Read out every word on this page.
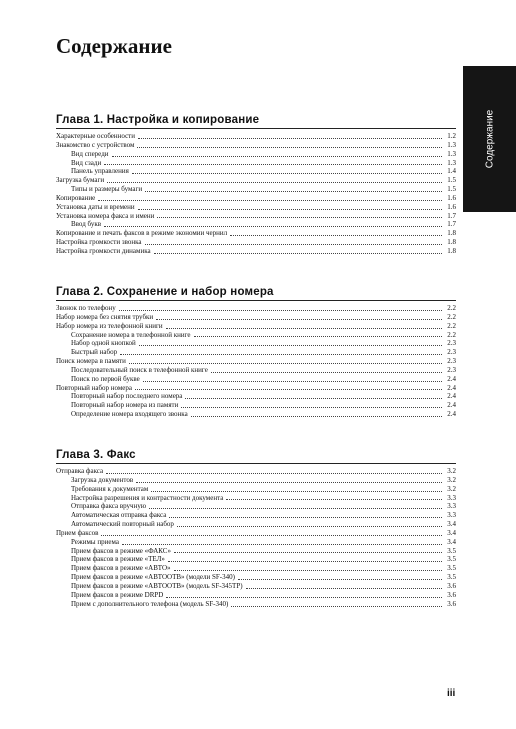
Содержание
Содержание
Глава 1. Настройка и копирование
Характерные особенности	1.2
Знакомство с устройством	1.3
Вид спереди	1.3
Вид сзади	1.3
Панель управления	1.4
Загрузка бумаги	1.5
Типы и размеры бумаги	1.5
Копирование	1.6
Установка даты и времени	1.6
Установка номера факса и имени	1.7
Ввод букв	1.7
Копирование и печать факсов в режиме экономии чернил	1.8
Настройка громкости звонка	1.8
Настройка громкости динамика	1.8
Глава 2. Сохранение и набор номера
Звонок по телефону	2.2
Набор номера без снятия трубки	2.2
Набор номера из телефонной книги	2.2
Сохранение номера в телефонной книге	2.2
Набор одной кнопкой	2.3
Быстрый набор	2.3
Поиск номера в памяти	2.3
Последовательный поиск в телефонной книге	2.3
Поиск по первой букве	2.4
Повторный набор номера	2.4
Повторный набор последнего номера	2.4
Повторный набор номера из памяти	2.4
Определение номера входящего звонка	2.4
Глава 3. Факс
Отправка факса	3.2
Загрузка документов	3.2
Требования к документам	3.2
Настройка разрешения и контрастности документа	3.3
Отправка факса вручную	3.3
Автоматическая отправка факса	3.3
Автоматический повторный набор	3.4
Прием факсов	3.4
Режимы приема	3.4
Прием факсов в режиме «ФАКС»	3.5
Прием факсов в режиме «ТЕЛ»	3.5
Прием факсов в режиме «АВТО»	3.5
Прием факсов в режиме «АВТООТВ» (модели SF-340)	3.5
Прием факсов в режиме «АВТООТВ» (модель SF-345TP)	3.6
Прием факсов в режиме DRPD	3.6
Прием с дополнительного телефона (модель SF-340)	3.6
iii
